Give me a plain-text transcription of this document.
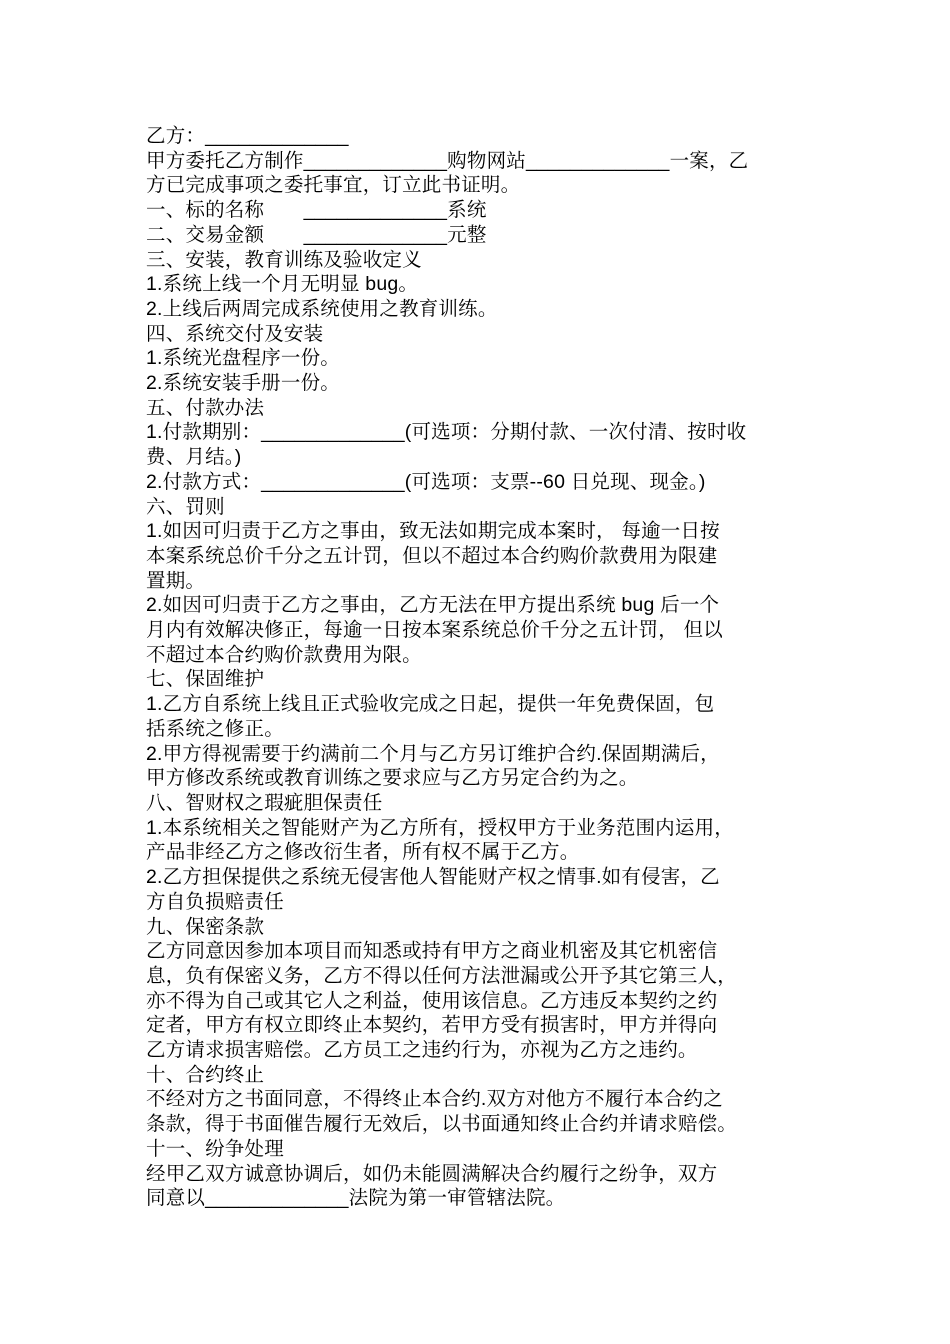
乙方：_____________
甲方委托乙方制作_____________购物网站_____________一案，乙
方已完成事项之委托事宜，订立此书证明。
一、标的名称　　_____________系统
二、交易金额　　_____________元整
三、安装，教育训练及验收定义
1.系统上线一个月无明显 bug。
2.上线后两周完成系统使用之教育训练。
四、系统交付及安装
1.系统光盘程序一份。
2.系统安装手册一份。
五、付款办法
1.付款期别：_____________(可选项：分期付款、一次付清、按时收
费、月结。)
2.付款方式：_____________(可选项：支票--60 日兑现、现金。)
六、罚则
1.如因可归责于乙方之事由，致无法如期完成本案时， 每逾一日按
本案系统总价千分之五计罚，但以不超过本合约购价款费用为限建
置期。
2.如因可归责于乙方之事由，乙方无法在甲方提出系统 bug 后一个
月内有效解决修正，每逾一日按本案系统总价千分之五计罚， 但以
不超过本合约购价款费用为限。
七、保固维护
1.乙方自系统上线且正式验收完成之日起，提供一年免费保固，包
括系统之修正。
2.甲方得视需要于约满前二个月与乙方另订维护合约.保固期满后，
甲方修改系统或教育训练之要求应与乙方另定合约为之。
八、智财权之瑕疵胆保责任
1.本系统相关之智能财产为乙方所有，授权甲方于业务范围内运用，
产品非经乙方之修改衍生者，所有权不属于乙方。
2.乙方担保提供之系统无侵害他人智能财产权之情事.如有侵害，乙
方自负损赔责任
九、保密条款
乙方同意因参加本项目而知悉或持有甲方之商业机密及其它机密信
息，负有保密义务，乙方不得以任何方法泄漏或公开予其它第三人，
亦不得为自己或其它人之利益，使用该信息。乙方违反本契约之约
定者，甲方有权立即终止本契约，若甲方受有损害时，甲方并得向
乙方请求损害赔偿。乙方员工之违约行为，亦视为乙方之违约。
十、合约终止
不经对方之书面同意，不得终止本合约.双方对他方不履行本合约之
条款，得于书面催告履行无效后，以书面通知终止合约并请求赔偿。
十一、纷争处理
经甲乙双方诚意协调后，如仍未能圆满解决合约履行之纷争，双方
同意以_____________法院为第一审管辖法院。
